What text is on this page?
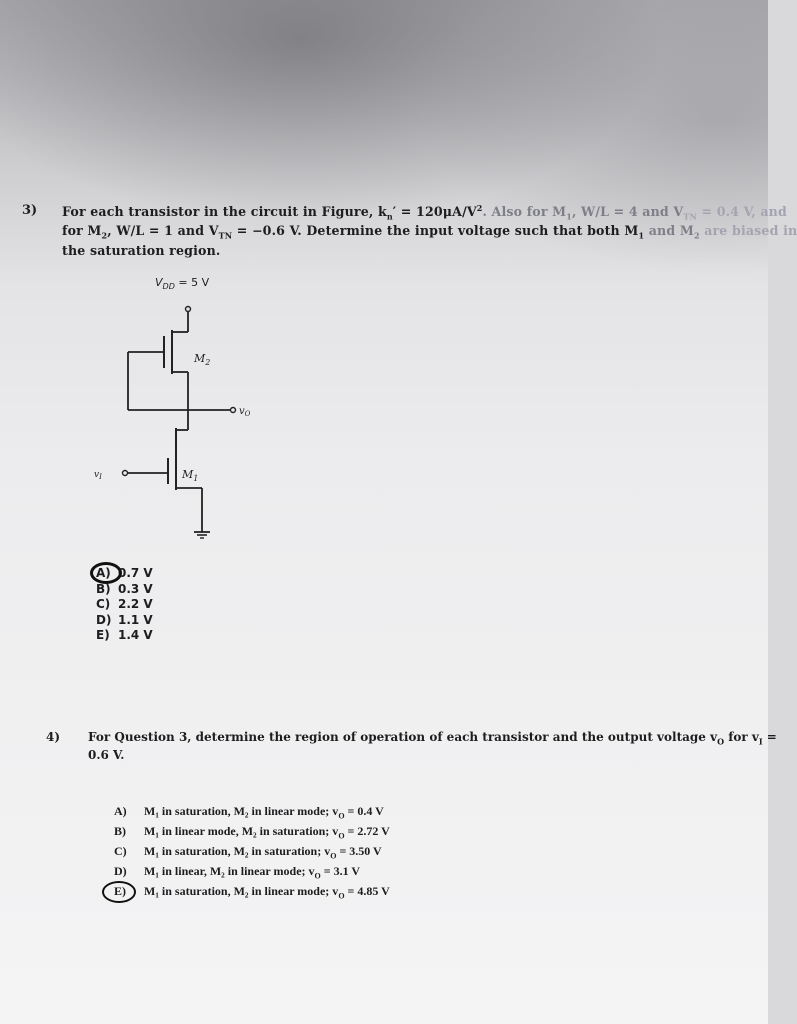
3) For each transistor in the circuit in Figure, $k_n' = 120\mu A/V^2$. Also for $M_1$, W/L = 4 and $V_{TN} = 0.4$ V, and
for $M_2$, W/L = 1 and $V_{TN} = -0.6$ V. Determine the input voltage such that both $M_1$ and $M_2$ are biased in
the saturation region.
$V_{DD} = 5$ V
$M_2$
$v_O$
$M_1$
$v_I$
A) 0.7 V
B) 0.3 V
C) 2.2 V
D) 1.1 V
E) 1.4 V
4) For Question 3, determine the region of operation of each transistor and the output voltage $v_O$ for $v_I$ =
0.6 V.
A) M₁ in saturation, M₂ in linear mode; $v_O = 0.4$ V
B) M₁ in linear mode, M₂ in saturation; $v_O = 2.72$ V
C) M₁ in saturation, M₂ in saturation; $v_O = 3.50$ V
D) M₁ in linear, M₂ in linear mode; $v_O = 3.1$ V
E) M₁ in saturation, M₂ in linear mode; $v_O = 4.85$ V
